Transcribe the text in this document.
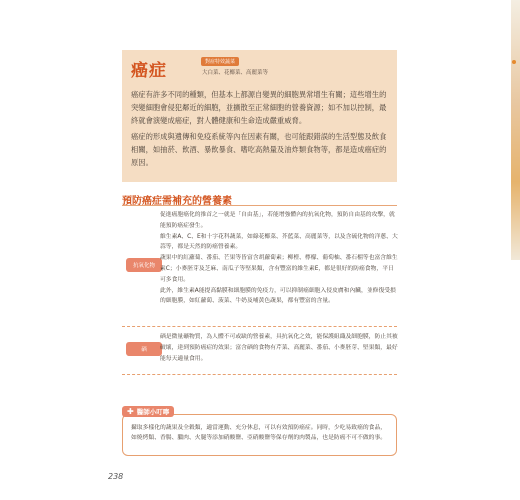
癌症	對症特效蔬菜
大白菜、花椰菜、高麗菜等

癌症有許多不同的種類，但基本上都源自變異的細胞異常增生有關；這些增生的突變細胞會侵犯鄰近的細胞，並擴散至正常細胞的營養資源；如不加以控制，最終就會演變成癌症，對人體健康和生命造成嚴重威脅。

癌症的形成與遺傳和免疫系統等內在因素有關，也可能跟錯誤的生活型態及飲食相關，如抽菸、飲酒、暴飲暴食、嗜吃高熱量及油炸類食物等，都是造成癌症的原因。

預防癌症需補充的營養素
抗氧化物

促進癌胞癌化的推首之一就是「自由基」，若能增強體內的抗氧化物，預防自由基的攻擊，就能預防癌症發生。

維生素A、C、E和十字花科蔬菜，如綠花椰菜、芥藍菜、高麗菜等，以及含硫化物的洋蔥、大蒜等，都是天然的防癌營養素。

蔬果中的紅蘿蔔、番茄、芒果等皆富含胡蘿蔔素；柳橙、檸檬、葡萄柚、番石榴等也富含維生素C；小麥胚芽及芝麻、南瓜子等堅果類，含有豐富的維生素E，都是很好的防癌食物，平日可多食用。

此外，維生素A能提高黏膜和細胞膜的免疫力，可以抑制癌細胞入侵皮膚和內臟，並修復受損的細胞膜，如紅蘿蔔、菠菜、牛奶及哺黃色蔬果，都有豐富的含量。

硒

硒是微量礦物質，為人體不可或缺的營養素，具抗氧化之效，能保護組織及細胞膜，防止其被破壞，達到預防癌症的效果；富含硒的食物有芹菜、高麗菜、番茄、小麥胚芽、堅果類，最好能每天適量食用。

攝取多樣化的蔬果及全穀類，適當運動、充分休息，可以有效預防癌症。同時，少吃易致癌的食品，如燒烤類、香腸、臘肉、火腿等添加硝酸鹽、亞硝酸鹽等保存劑的肉製品，也是防癌不可不做的事。
✚ 醫師小叮嚀
238
